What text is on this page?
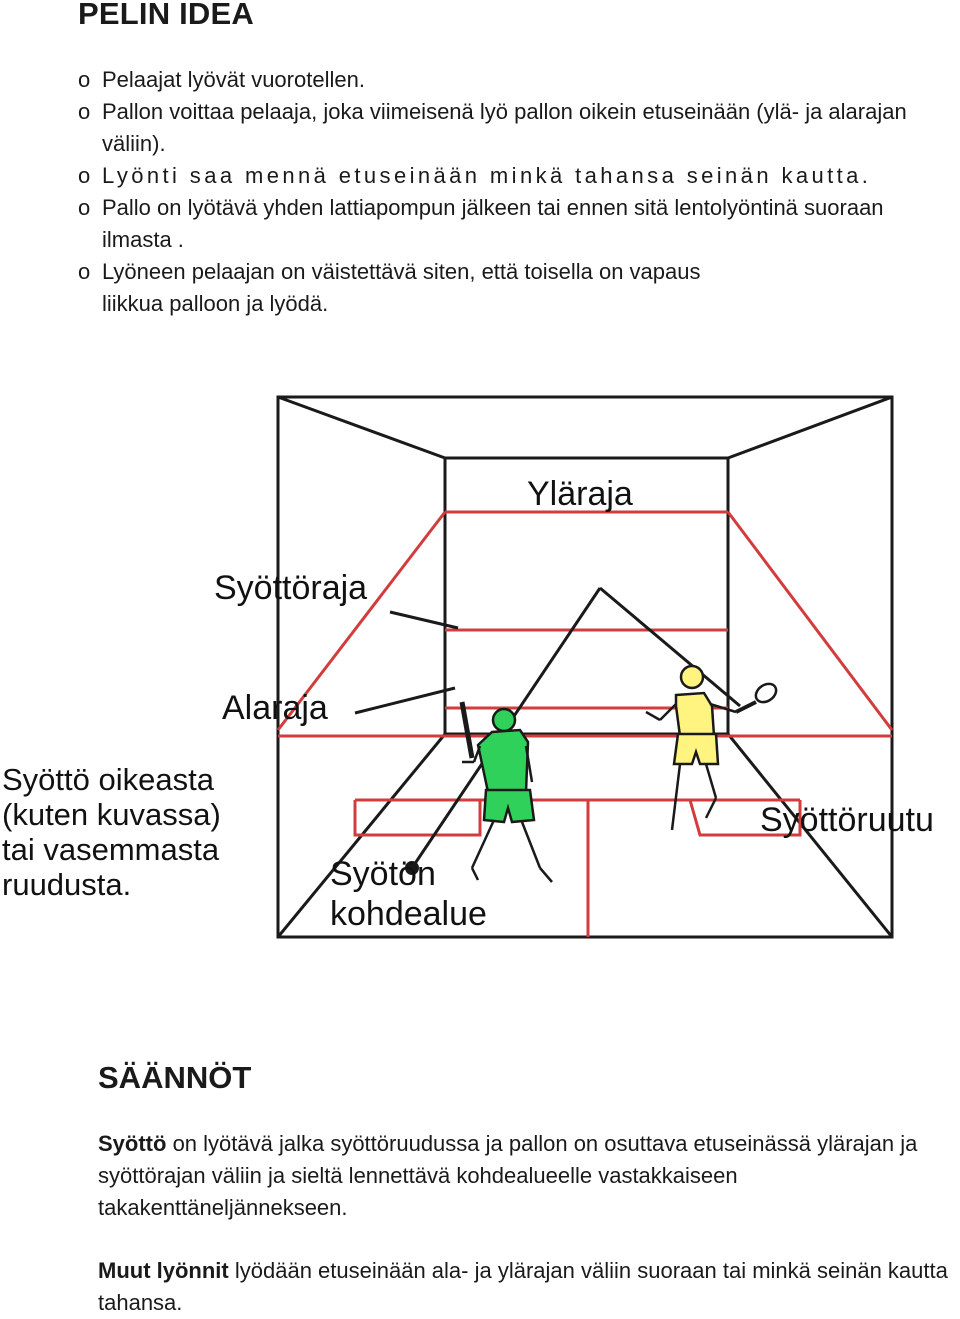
PELIN IDEA
o Pelaajat lyövät vuorotellen.
o Pallon voittaa pelaaja, joka viimeisenä lyö pallon oikein etuseinään (ylä- ja alarajan väliin).
o Lyönti saa mennä etuseinään minkä tahansa seinän kautta.
o Pallo on lyötävä yhden lattiapompun jälkeen tai ennen sitä lentolyöntinä suoraan ilmasta .
o Lyöneen pelaajan on väistettävä siten, että toisella on vapaus liikkua palloon ja lyödä.
Yläraja
Syöttöraja
Alaraja
Syötön
kohdealue
Syöttöruutu
Syöttö oikeasta
(kuten kuvassa)
tai vasemmasta
ruudusta.
SÄÄNNÖT

Syöttö on lyötävä jalka syöttöruudussa ja pallon on osuttava etuseinässä ylärajan ja syöttörajan väliin ja sieltä lennettävä kohdealueelle vastakkaiseen takakenttäneljännekseen.

Muut lyönnit lyödään etuseinään ala- ja ylärajan väliin suoraan tai minkä seinän kautta tahansa.
